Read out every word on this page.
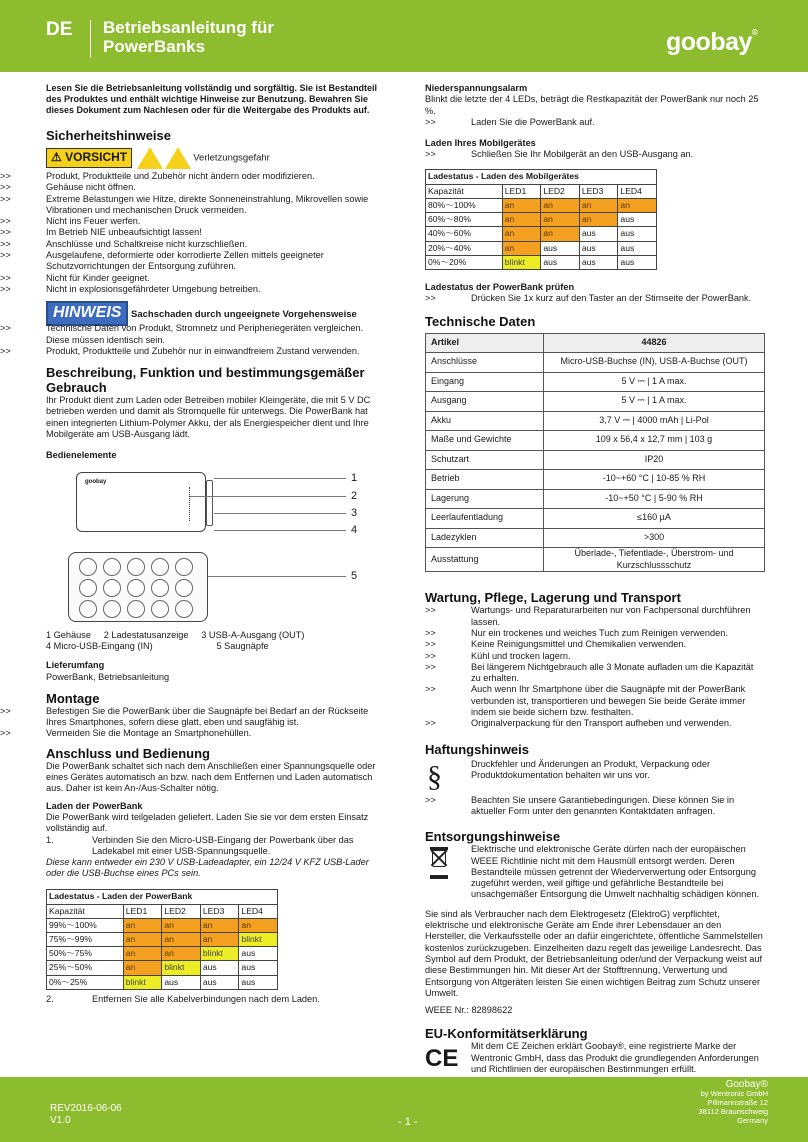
DE Betriebsanleitung für PowerBanks	goobay®

Lesen Sie die Betriebsanleitung vollständig und sorgfältig. Sie ist Bestandteil des Produktes und enthält wichtige Hinweise zur Benutzung. Bewahren Sie dieses Dokument zum Nachlesen oder für die Weitergabe des Produkts auf.

Sicherheitshinweise
⚠ VORSICHT	Verletzungsgefahr
>>	Produkt, Produktteile und Zubehör nicht ändern oder modifizieren.
>>	Gehäuse nicht öffnen.
>>	Extreme Belastungen wie Hitze, direkte Sonneneinstrahlung, Mikrovellen sowie Vibrationen und mechanischen Druck vermeiden.
>>	Nicht ins Feuer werfen.
>>	Im Betrieb NIE unbeaufsichtigt lassen!
>>	Anschlüsse und Schaltkreise nicht kurzschließen.
>>	Ausgelaufene, deformierte oder korrodierte Zellen mittels geeigneter Schutzvorrichtungen der Entsorgung zuführen.
>>	Nicht für Kinder geeignet.
>>	Nicht in explosionsgefährdeter Umgebung betreiben.
HINWEIS Sachschaden durch ungeeignete Vorgehensweise
>>	Technische Daten von Produkt, Stromnetz und Peripheriegeräten vergleichen. Diese müssen identisch sein.
>>	Produkt, Produktteile und Zubehör nur in einwandfreiem Zustand verwenden.
Beschreibung, Funktion und bestimmungsgemäßer Gebrauch

Ihr Produkt dient zum Laden oder Betreiben mobiler Kleingeräte, die mit 5 V DC betrieben werden und damit als Stromquelle für unterwegs. Die PowerBank hat einen integrierten Lithium-Polymer Akku, der als Energiespeicher dient und Ihre Mobilgeräte am USB-Ausgang lädt.

Bedienelemente

goobay	1
2
3
4
5

1 Gehäuse     2 Ladestatusanzeige     3 USB-A-Ausgang (OUT)

4 Micro-USB-Eingang (IN)                         5 Saugnäpfe

Lieferumfang

PowerBank, Betriebsanleitung

Montage
>>	Befestigen Sie die PowerBank über die Saugnäpfe bei Bedarf an der Rückseite Ihres Smartphones, sofern diese glatt, eben und saugfähig ist.
>>	Vermeiden Sie die Montage an Smartphonehüllen.
Anschluss und Bedienung

Die PowerBank schaltet sich nach dem Anschließen einer Spannungsquelle oder eines Gerätes automatisch an bzw. nach dem Entfernen und Laden automatisch aus. Daher ist kein An-/Aus-Schalter nötig.

Laden der PowerBank

Die PowerBank wird teilgeladen geliefert. Laden Sie sie vor dem ersten Einsatz vollständig auf.

1.	Verbinden Sie den Micro-USB-Eingang der Powerbank über das Ladekabel mit einer USB-Spannungsquelle.

Diese kann entweder ein 230 V USB-Ladeadapter, ein 12/24 V KFZ USB-Lader oder die USB-Buchse eines PCs sein.

Ladestatus - Laden der PowerBank				
Kapazität	LED1	LED2	LED3	LED4
99%～100%	an	an	an	an
75%～99%	an	an	an	blinkt
50%～75%	an	an	blinkt	aus
25%～50%	an	blinkt	aus	aus
0%～25%	blinkt	aus	aus	aus
2.	Entfernen Sie alle Kabelverbindungen nach dem Laden.

Niederspannungsalarm

Blinkt die letzte der 4 LEDs, beträgt die Restkapazität der PowerBank nur noch 25 %.

>>	Laden Sie die PowerBank auf.

Laden Ihres Mobilgerätes

>>	Schließen Sie Ihr Mobilgerät an den USB-Ausgang an.
Ladestatus - Laden des Mobilgerätes				
Kapazität	LED1	LED2	LED3	LED4
80%～100%	an	an	an	an
60%～80%	an	an	an	aus
40%～60%	an	an	aus	aus
20%～40%	an	aus	aus	aus
0%～20%	blinkt	aus	aus	aus

Ladestatus der PowerBank prüfen

>>	Drücken Sie 1x kurz auf den Taster an der Stirnseite der PowerBank.
Technische Daten
Artikel	44826
Anschlüsse	Micro-USB-Buchse (IN), USB-A-Buchse (OUT)
Eingang	5 V ⎓ | 1 A max.
Ausgang	5 V ⎓ | 1 A max.
Akku	3,7 V ⎓ | 4000 mAh | Li-Pol
Maße und Gewichte	109 x 56,4 x 12,7 mm | 103 g
Schutzart	IP20
Betrieb	-10~+60 °C | 10-85 % RH
Lagerung	-10~+50 °C | 5-90 % RH
Leerlaufentladung	≤160 µA
Ladezyklen	>300
Ausstattung	Überlade-, Tiefentlade-, Überstrom- und Kurzschlussschutz
Wartung, Pflege, Lagerung und Transport
>>	Wartungs- und Reparaturarbeiten nur von Fachpersonal durchführen lassen.
>>	Nur ein trockenes und weiches Tuch zum Reinigen verwenden.
>>	Keine Reinigungsmittel und Chemikalien verwenden.
>>	Kühl und trocken lagern.
>>	Bei längerem Nichtgebrauch alle 3 Monate aufladen um die Kapazität zu erhalten.
>>	Auch wenn Ihr Smartphone über die Saugnäpfe mit der PowerBank verbunden ist, transportieren und bewegen Sie beide Geräte immer indem sie beide sichern bzw. festhalten.
>>	Originalverpackung für den Transport aufheben und verwenden.
Haftungshinweis
§	Druckfehler und Änderungen an Produkt, Verpackung oder Produktdokumentation behalten wir uns vor.

>>	Beachten Sie unsere Garantiebedingungen. Diese können Sie in aktueller Form unter den genannten Kontaktdaten anfragen.
Entsorgungshinweise

Elektrische und elektronische Geräte dürfen nach der europäischen WEEE Richtlinie nicht mit dem Hausmüll entsorgt werden. Deren Bestandteile müssen getrennt der Wiederverwertung oder Entsorgung zugeführt werden, weil giftige und gefährliche Bestandteile bei unsachgemäßer Entsorgung die Umwelt nachhaltig schädigen können.

Sie sind als Verbraucher nach dem Elektrogesetz (ElektroG) verpflichtet, elektrische und elektronische Geräte am Ende ihrer Lebensdauer an den Hersteller, die Verkaufsstelle oder an dafür eingerichtete, öffentliche Sammelstellen kostenlos zurückzugeben. Einzelheiten dazu regelt das jeweilige Landesrecht. Das Symbol auf dem Produkt, der Betriebsanleitung oder/und der Verpackung weist auf diese Bestimmungen hin. Mit dieser Art der Stofftrennung, Verwertung und Entsorgung von Altgeräten leisten Sie einen wichtigen Beitrag zum Schutz unserer Umwelt.

WEEE Nr.: 82898622

EU-Konformitätserklärung
CE Mit dem CE Zeichen erklärt Goobay®, eine registrierte Marke der Wentronic GmbH, dass das Produkt die grundlegenden Anforderungen und Richtlinien der europäischen Bestimmungen erfüllt.

REV2016-06-06
V1.0	- 1 -
Goobay®
by Wentronic GmbH
Pillmannstraße 12
38112 Braunschweig
Germany
